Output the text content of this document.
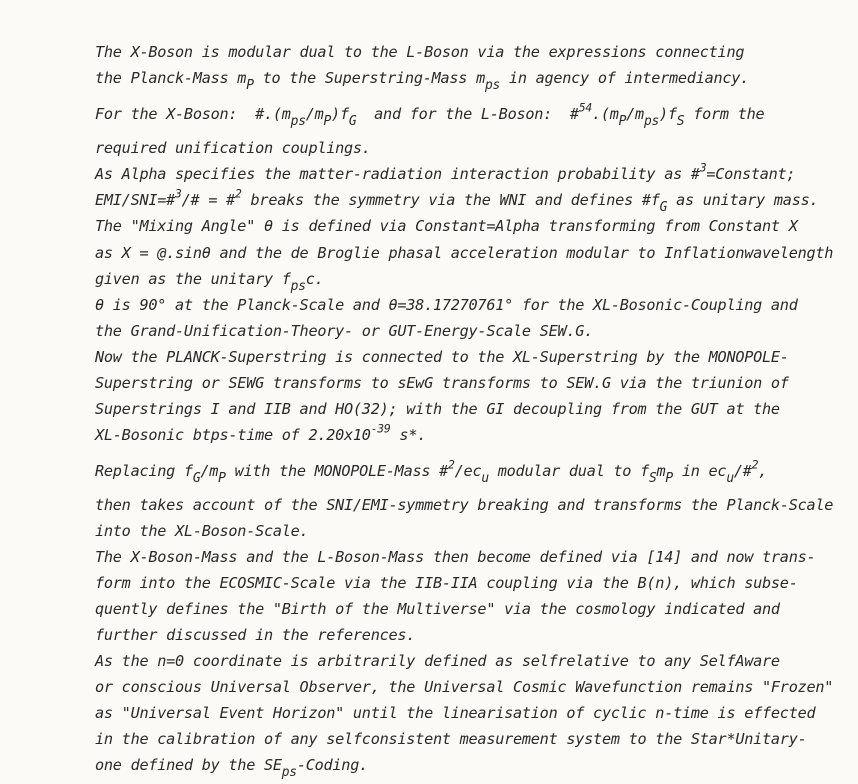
The X-Boson is modular dual to the L-Boson via the expressions connecting
the Planck-Mass $m_P$ to the Superstring-Mass $m_{ps}$ in agency of intermediancy.
For the X-Boson:  $\#.(m_{ps}/m_P)f_G$  and for the L-Boson:  $\#^{54}.(m_P/m_{ps})f_S$ form the
required unification couplings.
As Alpha specifies the matter-radiation interaction probability as #$^3$=Constant;
EMI/SNI=#$^3$/# = #$^2$ breaks the symmetry via the WNI and defines $\#f_G$ as unitary mass.
The "Mixing Angle" θ is defined via Constant=Alpha transforming from Constant X
as X = @.sinθ and the de Broglie phasal acceleration modular to Inflationwavelength
given as the unitary $f_{ps}c$.
θ is 90° at the Planck-Scale and θ=38.17270761° for the XL-Bosonic-Coupling and
the Grand-Unification-Theory- or GUT-Energy-Scale SEW.G.
Now the PLANCK-Superstring is connected to the XL-Superstring by the MONOPOLE-
Superstring or SEWG transforms to sEwG transforms to SEW.G via the triunion of
Superstrings I and IIB and HO(32); with the GI decoupling from the GUT at the
XL-Bosonic btps-time of $2.20x10^{-39}$ s*.
Replacing $f_G/m_P$ with the MONOPOLE-Mass $\#^2/ec_u$ modular dual to $f_Sm_P$ in $ec_u/\#^2$,
then takes account of the SNI/EMI-symmetry breaking and transforms the Planck-Scale
into the XL-Boson-Scale.
The X-Boson-Mass and the L-Boson-Mass then become defined via [14] and now trans-
form into the ECOSMIC-Scale via the IIB-IIA coupling via the B(n), which subse-
quently defines the "Birth of the Multiverse" via the cosmology indicated and
further discussed in the references.
As the n=0 coordinate is arbitrarily defined as selfrelative to any SelfAware
or conscious Universal Observer, the Universal Cosmic Wavefunction remains "Frozen"
as "Universal Event Horizon" until the linearisation of cyclic n-time is effected
in the calibration of any selfconsistent measurement system to the Star*Unitary-
one defined by the $SE_{ps}$-Coding.
